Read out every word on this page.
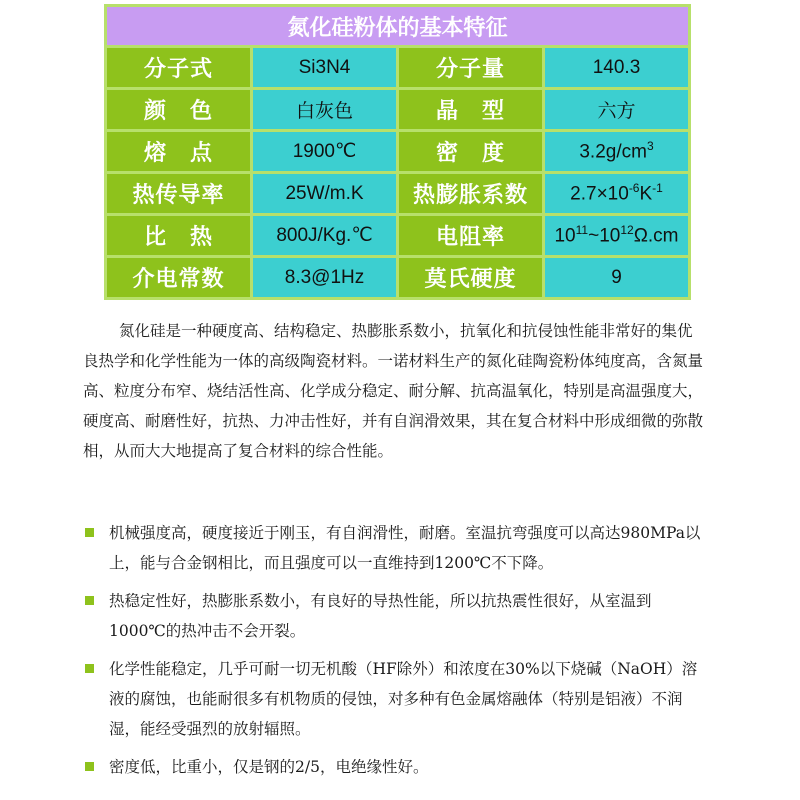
氮化硅粉体的基本特征			
分子式	Si3N4	分子量	140.3
颜　色	白灰色	晶　型	六方
熔　点	1900℃	密　度	$3.2g/cm^3$
热传导率	25W/m.K	热膨胀系数	$2.7\times 10^{-6}K^{-1}$
比　热	800J/Kg.℃	电阻率	$10^{11}\sim 10^{12}\Omega.cm$
介电常数	8.3@1Hz	莫氏硬度	9

氮化硅是一种硬度高、结构稳定、热膨胀系数小，抗氧化和抗侵蚀性能非常好的集优良热学和化学性能为一体的高级陶瓷材料。一诺材料生产的氮化硅陶瓷粉体纯度高，含氮量高、粒度分布窄、烧结活性高、化学成分稳定、耐分解、抗高温氧化，特别是高温强度大，硬度高、耐磨性好，抗热、力冲击性好，并有自润滑效果，其在复合材料中形成细微的弥散相，从而大大地提高了复合材料的综合性能。

机械强度高，硬度接近于刚玉，有自润滑性，耐磨。室温抗弯强度可以高达980MPa以上，能与合金钢相比，而且强度可以一直维持到1200℃不下降。
热稳定性好，热膨胀系数小，有良好的导热性能，所以抗热震性很好，从室温到1000℃的热冲击不会开裂。
化学性能稳定，几乎可耐一切无机酸（HF除外）和浓度在30%以下烧碱（NaOH）溶液的腐蚀，也能耐很多有机物质的侵蚀，对多种有色金属熔融体（特别是铝液）不润湿，能经受强烈的放射辐照。
密度低，比重小，仅是钢的2/5，电绝缘性好。
